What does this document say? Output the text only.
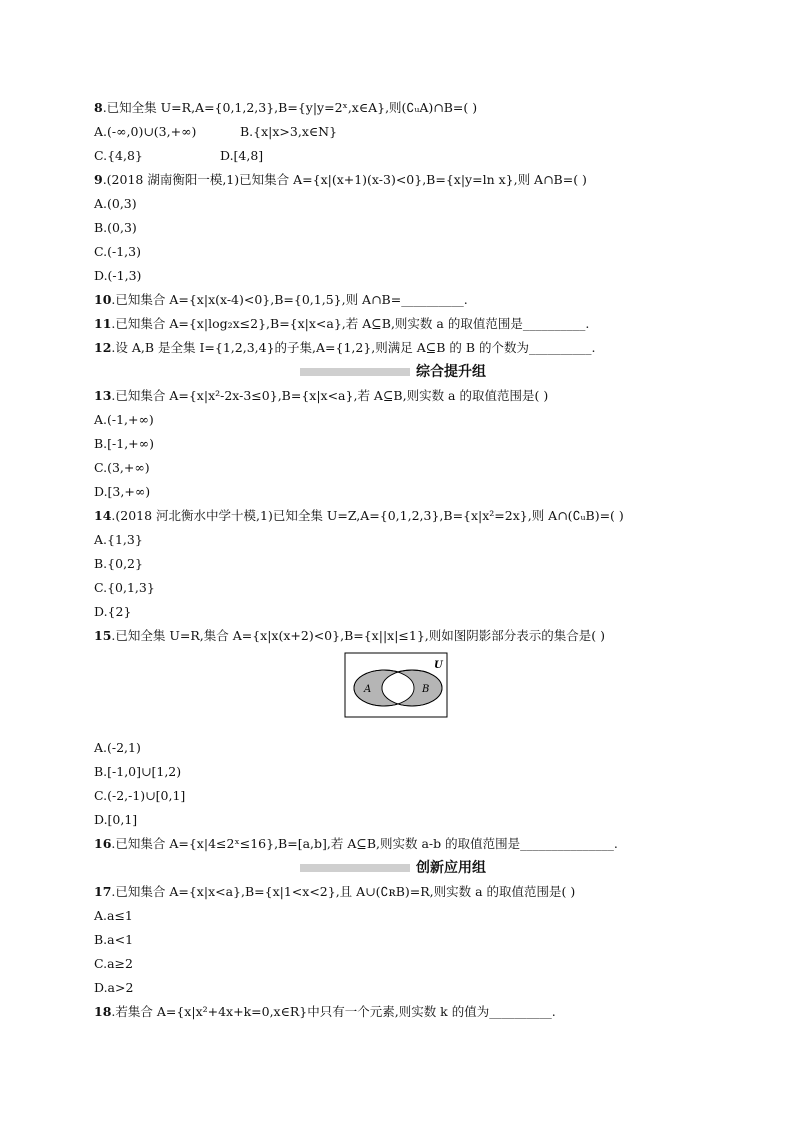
8.已知全集 U=R,A={0,1,2,3},B={y|y=2ˣ,x∈A},则(∁ᵤA)∩B=( )
A.(-∞,0)∪(3,+∞)	B.{x|x>3,x∈N}
C.{4,8}	D.[4,8]
9.(2018 湖南衡阳一模,1)已知集合 A={x|(x+1)(x-3)<0},B={x|y=ln x},则 A∩B=( )
A.(0,3)
B.(0,3)
C.(-1,3)
D.(-1,3)
10.已知集合 A={x|x(x-4)<0},B={0,1,5},则 A∩B=__________.
11.已知集合 A={x|log₂x≤2},B={x|x<a},若 A⊆B,则实数 a 的取值范围是__________.
12.设 A,B 是全集 I={1,2,3,4}的子集,A={1,2},则满足 A⊆B 的 B 的个数为__________.
综合提升组
13.已知集合 A={x|x²-2x-3≤0},B={x|x<a},若 A⊆B,则实数 a 的取值范围是( )
A.(-1,+∞)
B.[-1,+∞)
C.(3,+∞)
D.[3,+∞)
14.(2018 河北衡水中学十模,1)已知全集 U=Z,A={0,1,2,3},B={x|x²=2x},则 A∩(∁ᵤB)=( )
A.{1,3}
B.{0,2}
C.{0,1,3}
D.{2}
15.已知全集 U=R,集合 A={x|x(x+2)<0},B={x||x|≤1},则如图阴影部分表示的集合是( )
U
A	B
A.(-2,1)
B.[-1,0]∪[1,2)
C.(-2,-1)∪[0,1]
D.[0,1]
16.已知集合 A={x|4≤2ˣ≤16},B=[a,b],若 A⊆B,则实数 a-b 的取值范围是_______________.
创新应用组
17.已知集合 A={x|x<a},B={x|1<x<2},且 A∪(∁ʀB)=R,则实数 a 的取值范围是( )
A.a≤1
B.a<1
C.a≥2
D.a>2
18.若集合 A={x|x²+4x+k=0,x∈R}中只有一个元素,则实数 k 的值为__________.
